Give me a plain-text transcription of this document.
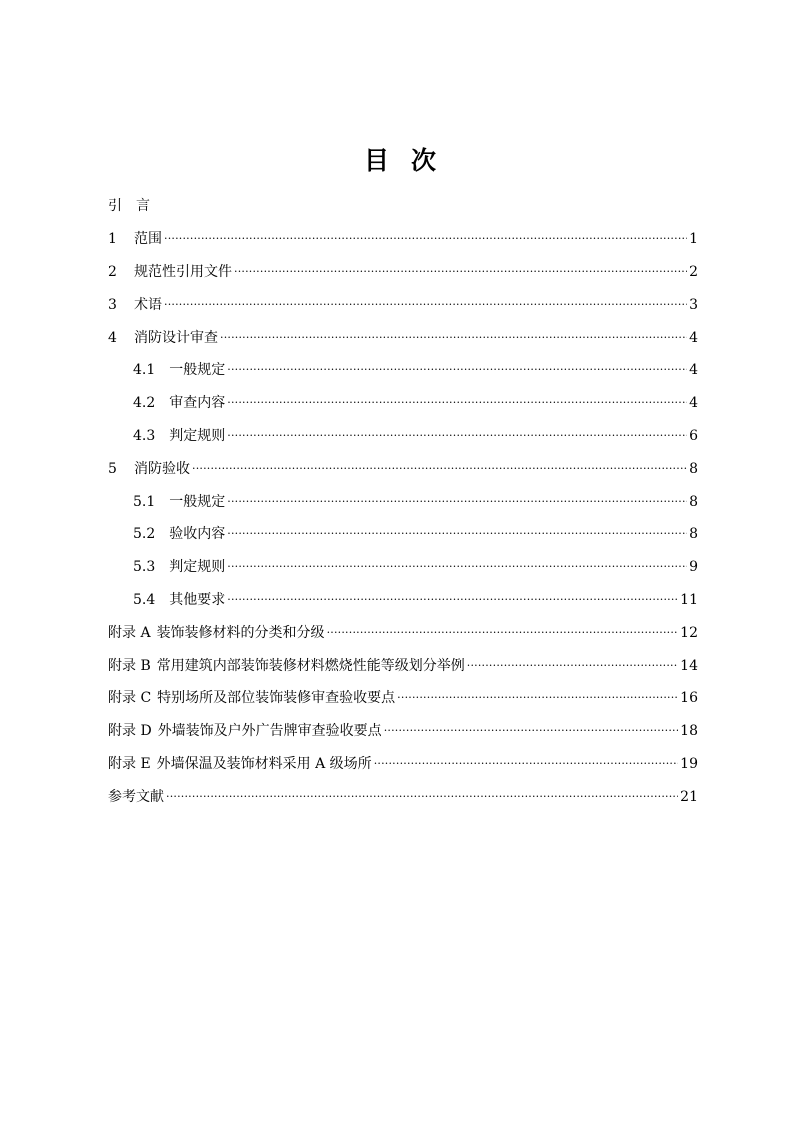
目次
引言
1 范围 ·····	1
2 规范性引用文件 ·····	2
3 术语 ·····	3
4 消防设计审查 ·····	4
4.1 一般规定 ·····	4
4.2 审查内容 ·····	4
4.3 判定规则 ·····	6
5 消防验收 ·····	8
5.1 一般规定 ·····	8
5.2 验收内容 ·····	8
5.3 判定规则 ·····	9
5.4 其他要求 ·····	11
附录 A 装饰装修材料的分类和分级 ·····	12
附录 B 常用建筑内部装饰装修材料燃烧性能等级划分举例 ·····	14
附录 C 特别场所及部位装饰装修审查验收要点 ·····	16
附录 D 外墙装饰及户外广告牌审查验收要点 ·····	18
附录 E 外墙保温及装饰材料采用 A 级场所 ·····	19
参考文献 ·····	21
